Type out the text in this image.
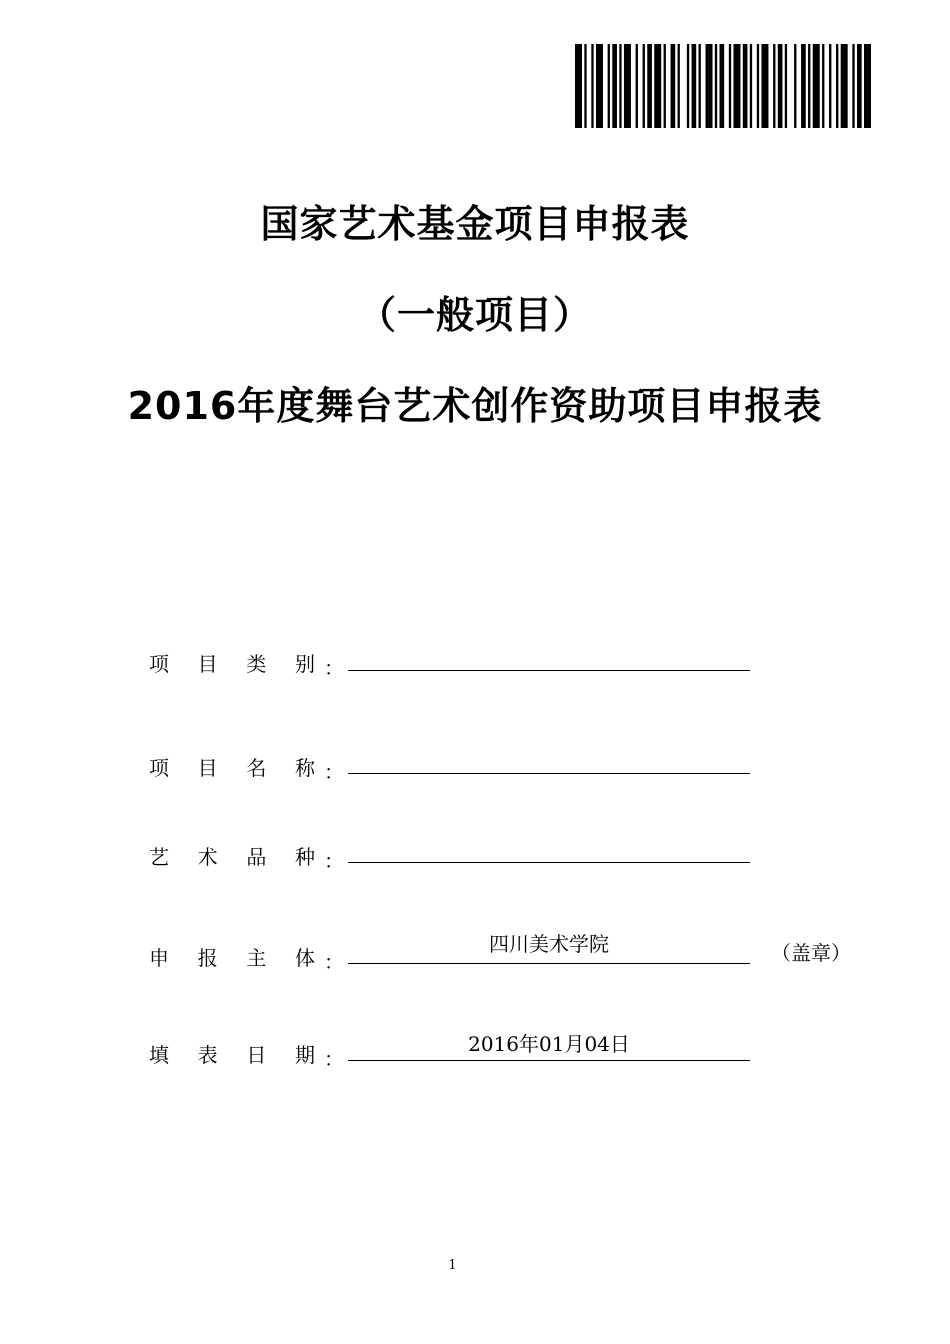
国家艺术基金项目申报表
（一般项目）
2016年度舞台艺术创作资助项目申报表
项 目 类 别 ：
项 目 名 称 ：
艺 术 品 种 ：
申 报 主 体 ：
四川美术学院	（盖章）
填 表 日 期 ：
2016年01月04日
1
